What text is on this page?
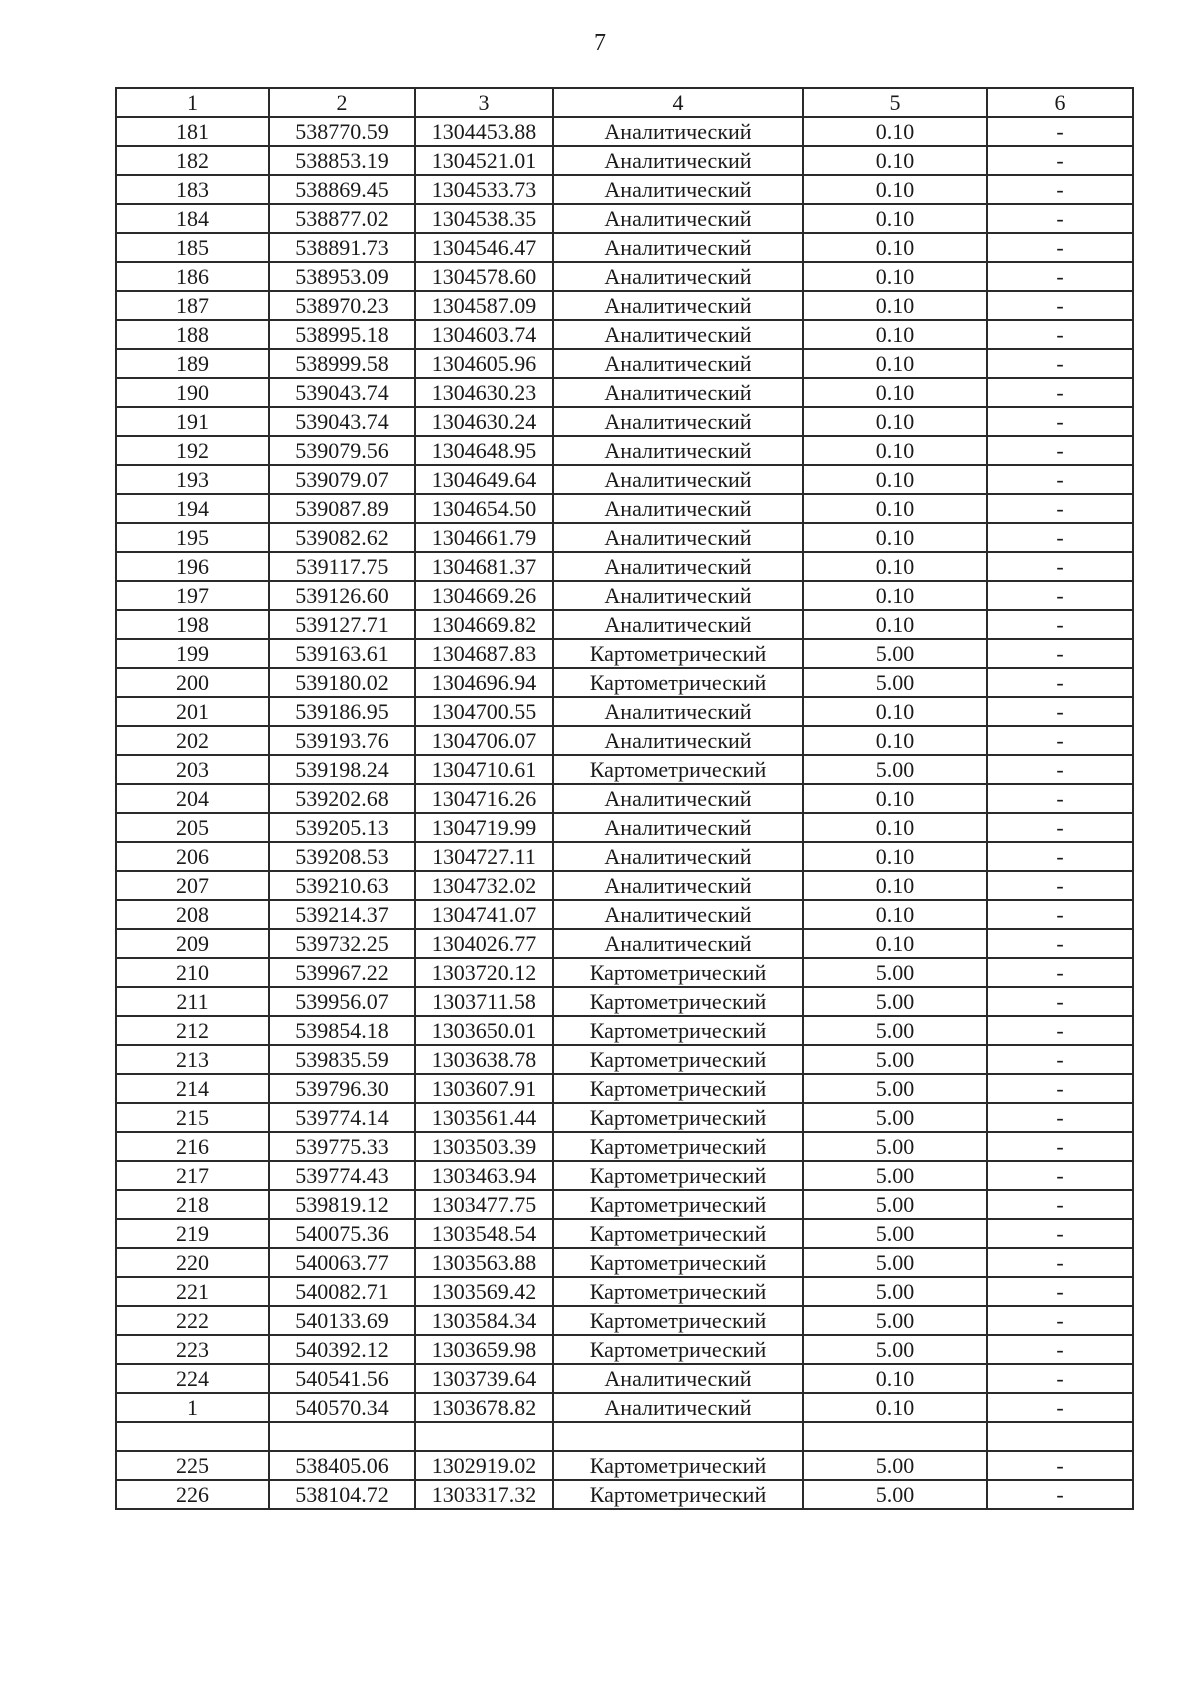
7
1	2	3	4	5	6
181	538770.59	1304453.88	Аналитический	0.10	-
182	538853.19	1304521.01	Аналитический	0.10	-
183	538869.45	1304533.73	Аналитический	0.10	-
184	538877.02	1304538.35	Аналитический	0.10	-
185	538891.73	1304546.47	Аналитический	0.10	-
186	538953.09	1304578.60	Аналитический	0.10	-
187	538970.23	1304587.09	Аналитический	0.10	-
188	538995.18	1304603.74	Аналитический	0.10	-
189	538999.58	1304605.96	Аналитический	0.10	-
190	539043.74	1304630.23	Аналитический	0.10	-
191	539043.74	1304630.24	Аналитический	0.10	-
192	539079.56	1304648.95	Аналитический	0.10	-
193	539079.07	1304649.64	Аналитический	0.10	-
194	539087.89	1304654.50	Аналитический	0.10	-
195	539082.62	1304661.79	Аналитический	0.10	-
196	539117.75	1304681.37	Аналитический	0.10	-
197	539126.60	1304669.26	Аналитический	0.10	-
198	539127.71	1304669.82	Аналитический	0.10	-
199	539163.61	1304687.83	Картометрический	5.00	-
200	539180.02	1304696.94	Картометрический	5.00	-
201	539186.95	1304700.55	Аналитический	0.10	-
202	539193.76	1304706.07	Аналитический	0.10	-
203	539198.24	1304710.61	Картометрический	5.00	-
204	539202.68	1304716.26	Аналитический	0.10	-
205	539205.13	1304719.99	Аналитический	0.10	-
206	539208.53	1304727.11	Аналитический	0.10	-
207	539210.63	1304732.02	Аналитический	0.10	-
208	539214.37	1304741.07	Аналитический	0.10	-
209	539732.25	1304026.77	Аналитический	0.10	-
210	539967.22	1303720.12	Картометрический	5.00	-
211	539956.07	1303711.58	Картометрический	5.00	-
212	539854.18	1303650.01	Картометрический	5.00	-
213	539835.59	1303638.78	Картометрический	5.00	-
214	539796.30	1303607.91	Картометрический	5.00	-
215	539774.14	1303561.44	Картометрический	5.00	-
216	539775.33	1303503.39	Картометрический	5.00	-
217	539774.43	1303463.94	Картометрический	5.00	-
218	539819.12	1303477.75	Картометрический	5.00	-
219	540075.36	1303548.54	Картометрический	5.00	-
220	540063.77	1303563.88	Картометрический	5.00	-
221	540082.71	1303569.42	Картометрический	5.00	-
222	540133.69	1303584.34	Картометрический	5.00	-
223	540392.12	1303659.98	Картометрический	5.00	-
224	540541.56	1303739.64	Аналитический	0.10	-
1	540570.34	1303678.82	Аналитический	0.10	-

225	538405.06	1302919.02	Картометрический	5.00	-
226	538104.72	1303317.32	Картометрический	5.00	-
